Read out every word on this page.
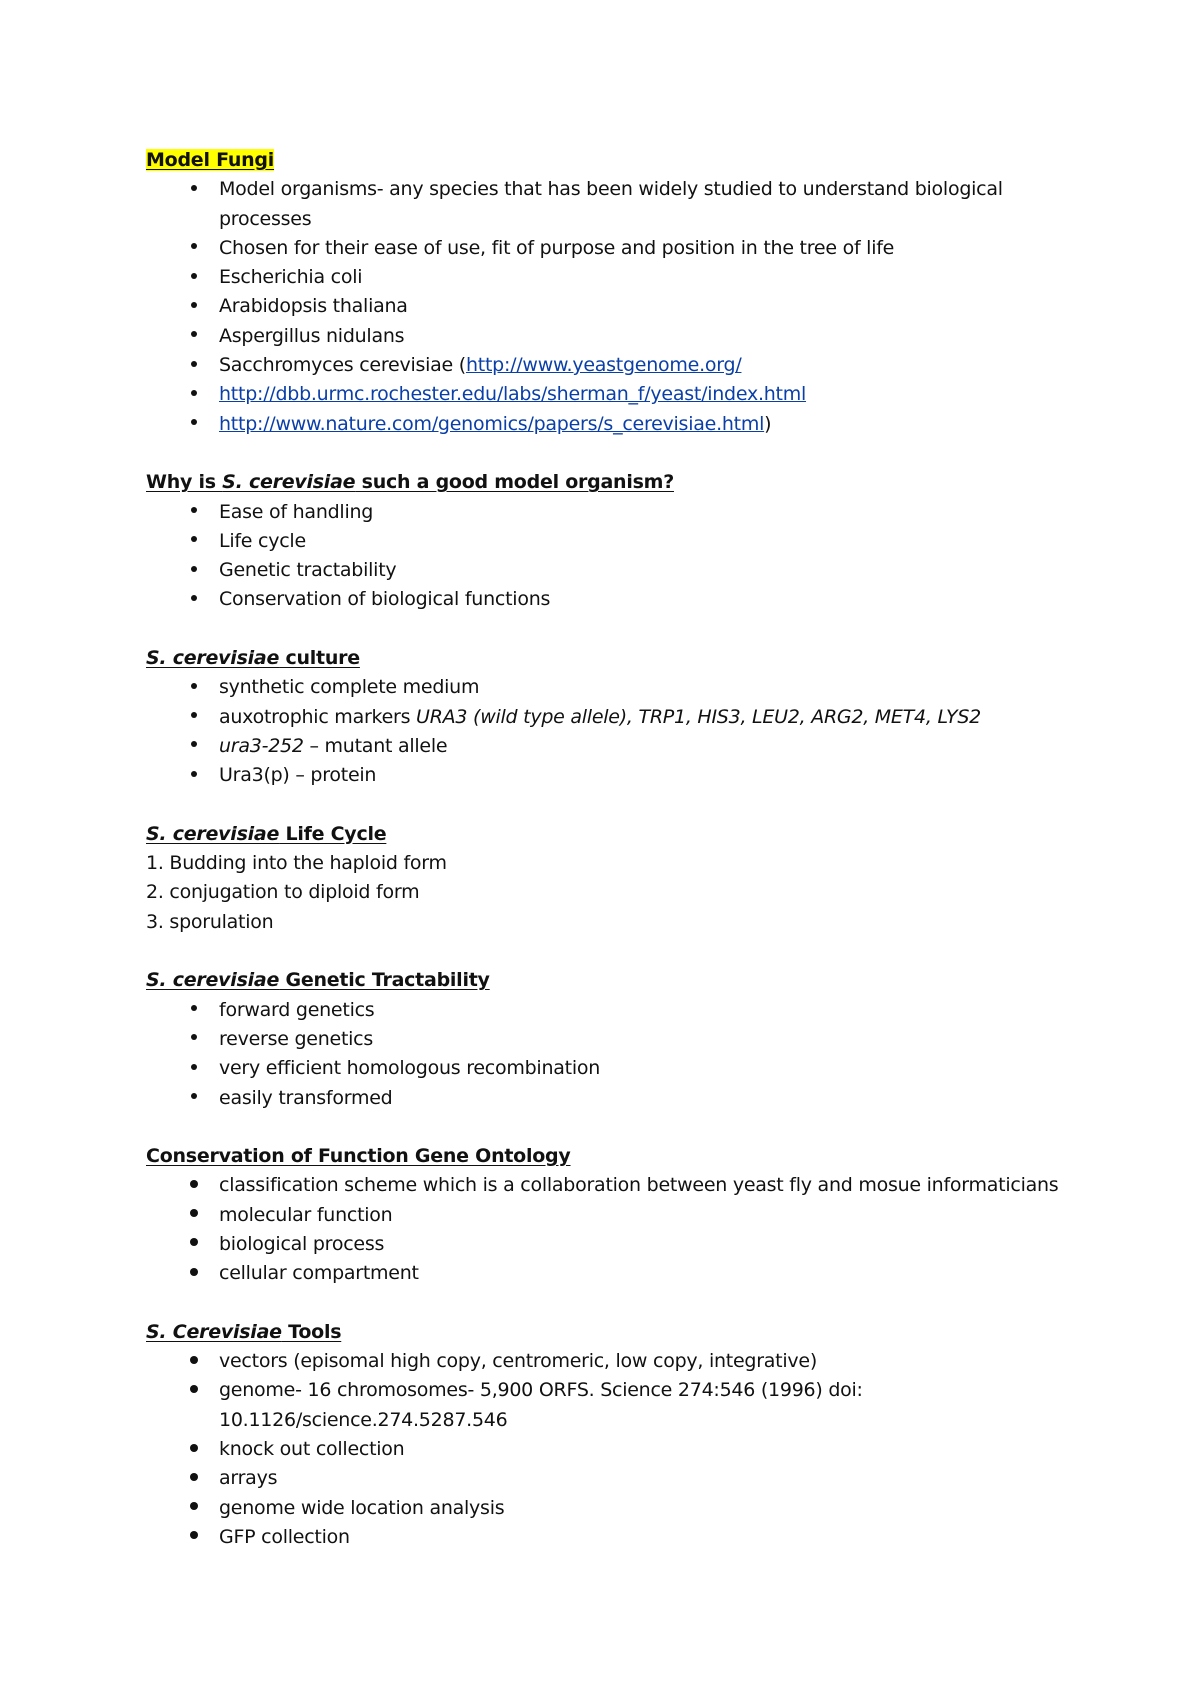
Model Fungi
Model organisms- any species that has been widely studied to understand biological
processes
Chosen for their ease of use, fit of purpose and position in the tree of life
Escherichia coli
Arabidopsis thaliana
Aspergillus nidulans
Sacchromyces cerevisiae (http://www.yeastgenome.org/
http://dbb.urmc.rochester.edu/labs/sherman_f/yeast/index.html
http://www.nature.com/genomics/papers/s_cerevisiae.html)
Why is S. cerevisiae such a good model organism?
Ease of handling
Life cycle
Genetic tractability
Conservation of biological functions
S. cerevisiae culture
synthetic complete medium
auxotrophic markers URA3 (wild type allele), TRP1, HIS3, LEU2, ARG2, MET4, LYS2
ura3-252 – mutant allele
Ura3(p) – protein
S. cerevisiae Life Cycle
1. Budding into the haploid form
2. conjugation to diploid form
3. sporulation
S. cerevisiae Genetic Tractability
forward genetics
reverse genetics
very efficient homologous recombination
easily transformed
Conservation of Function Gene Ontology
classification scheme which is a collaboration between yeast fly and mosue informaticians
molecular function
biological process
cellular compartment
S. Cerevisiae Tools
vectors (episomal high copy, centromeric, low copy, integrative)
genome- 16 chromosomes- 5,900 ORFS. Science 274:546 (1996) doi:
10.1126/science.274.5287.546
knock out collection
arrays
genome wide location analysis
GFP collection
